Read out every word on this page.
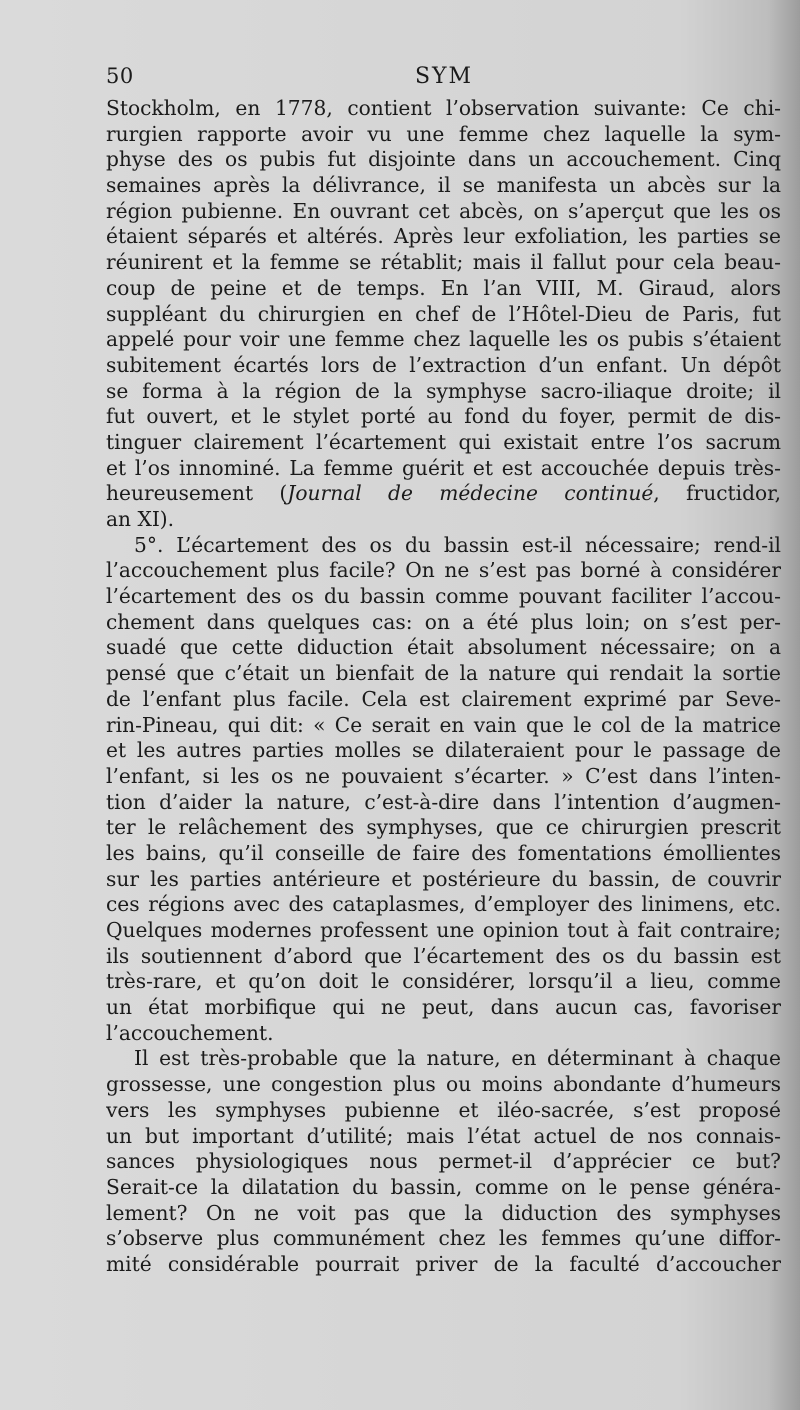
50	SYM
Stockholm, en 1778, contient l’observation suivante: Ce chi-
rurgien rapporte avoir vu une femme chez laquelle la sym-
physe des os pubis fut disjointe dans un accouchement. Cinq
semaines après la délivrance, il se manifesta un abcès sur la
région pubienne. En ouvrant cet abcès, on s’aperçut que les os
étaient séparés et altérés. Après leur exfoliation, les parties se
réunirent et la femme se rétablit; mais il fallut pour cela beau-
coup de peine et de temps. En l’an VIII, M. Giraud, alors
suppléant du chirurgien en chef de l’Hôtel-Dieu de Paris, fut
appelé pour voir une femme chez laquelle les os pubis s’étaient
subitement écartés lors de l’extraction d’un enfant. Un dépôt
se forma à la région de la symphyse sacro-iliaque droite; il
fut ouvert, et le stylet porté au fond du foyer, permit de dis-
tinguer clairement l’écartement qui existait entre l’os sacrum
et l’os innominé. La femme guérit et est accouchée depuis très-
heureusement (Journal de médecine continué, fructidor,
an XI).
5°. L’écartement des os du bassin est-il nécessaire; rend-il
l’accouchement plus facile? On ne s’est pas borné à considérer
l’écartement des os du bassin comme pouvant faciliter l’accou-
chement dans quelques cas: on a été plus loin; on s’est per-
suadé que cette diduction était absolument nécessaire; on a
pensé que c’était un bienfait de la nature qui rendait la sortie
de l’enfant plus facile. Cela est clairement exprimé par Seve-
rin-Pineau, qui dit: « Ce serait en vain que le col de la matrice
et les autres parties molles se dilateraient pour le passage de
l’enfant, si les os ne pouvaient s’écarter. » C’est dans l’inten-
tion d’aider la nature, c’est-à-dire dans l’intention d’augmen-
ter le relâchement des symphyses, que ce chirurgien prescrit
les bains, qu’il conseille de faire des fomentations émollientes
sur les parties antérieure et postérieure du bassin, de couvrir
ces régions avec des cataplasmes, d’employer des linimens, etc.
Quelques modernes professent une opinion tout à fait contraire;
ils soutiennent d’abord que l’écartement des os du bassin est
très-rare, et qu’on doit le considérer, lorsqu’il a lieu, comme
un état morbifique qui ne peut, dans aucun cas, favoriser
l’accouchement.
Il est très-probable que la nature, en déterminant à chaque
grossesse, une congestion plus ou moins abondante d’humeurs
vers les symphyses pubienne et iléo-sacrée, s’est proposé
un but important d’utilité; mais l’état actuel de nos connais-
sances physiologiques nous permet-il d’apprécier ce but?
Serait-ce la dilatation du bassin, comme on le pense généra-
lement? On ne voit pas que la diduction des symphyses
s’observe plus communément chez les femmes qu’une diffor-
mité considérable pourrait priver de la faculté d’accoucher
